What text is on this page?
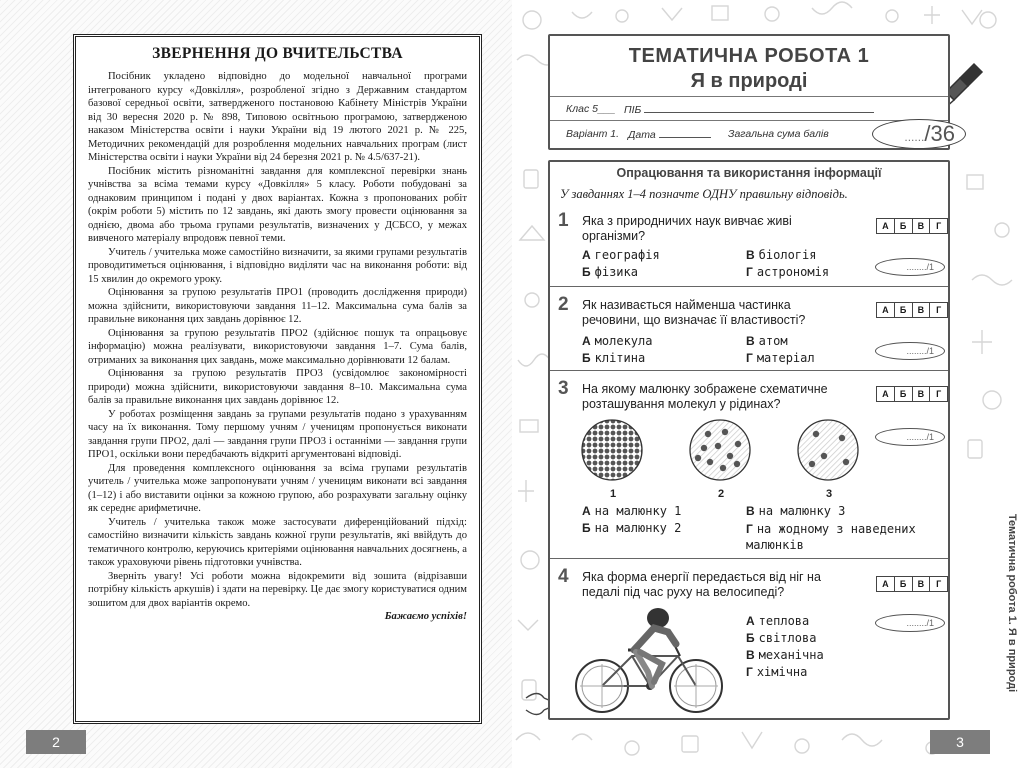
ЗВЕРНЕННЯ ДО ВЧИТЕЛЬСТВА

Посібник укладено відповідно до модельної навчальної програми інтегрованого курсу «Довкілля», розробленої згідно з Державним стандартом базової середньої освіти, затвердженого постановою Кабінету Міністрів України від 30 вересня 2020 р. № 898, Типовою освітньою програмою, затвердженою наказом Міністерства освіти і науки України від 19 лютого 2021 р. № 225, Методичних рекомендацій для розроблення модельних навчальних програм (лист Міністерства освіти і науки України від 24 березня 2021 р. № 4.5/637-21).

Посібник містить різноманітні завдання для комплексної перевірки знань учнівства за всіма темами курсу «Довкілля» 5 класу. Роботи побудовані за однаковим принципом і подані у двох варіантах. Кожна з пропонованих робіт (окрім роботи 5) містить по 12 завдань, які дають змогу провести оцінювання за однією, двома або трьома групами результатів, визначених у ДСБСО, у межах вивченого матеріалу впродовж певної теми.

Учитель / учителька може самостійно визначити, за якими групами результатів проводитиметься оцінювання, і відповідно виділяти час на виконання роботи: від 15 хвилин до окремого уроку.

Оцінювання за групою результатів ПРО1 (проводить дослідження природи) можна здійснити, використовуючи завдання 11–12. Максимальна сума балів за правильне виконання цих завдань дорівнює 12.

Оцінювання за групою результатів ПРО2 (здійснює пошук та опрацьовує інформацію) можна реалізувати, використовуючи завдання 1–7. Сума балів, отриманих за виконання цих завдань, може максимально дорівнювати 12 балам.

Оцінювання за групою результатів ПРО3 (усвідомлює закономірності природи) можна здійснити, використовуючи завдання 8–10. Максимальна сума балів за правильне виконання цих завдань дорівнює 12.

У роботах розміщення завдань за групами результатів подано з урахуванням часу на їх виконання. Тому першому учням / ученицям пропонується виконати завдання групи ПРО2, далі — завдання групи ПРО3 і останніми — завдання групи ПРО1, оскільки вони передбачають відкриті аргументовані відповіді.

Для проведення комплексного оцінювання за всіма групами результатів учитель / учителька може запропонувати учням / ученицям виконати всі завдання (1–12) і або виставити оцінки за кожною групою, або розрахувати загальну оцінку як середнє арифметичне.

Учитель / учителька також може застосувати диференційований підхід: самостійно визначити кількість завдань кожної групи результатів, які ввійдуть до тематичного контролю, керуючись критеріями оцінювання навчальних досягнень, а також ураховуючи рівень підготовки учнівства.

Зверніть увагу! Усі роботи можна відокремити від зошита (відрізавши потрібну кількість аркушів) і здати на перевірку. Це дає змогу користуватися одним зошитом для двох варіантів окремо.

Бажаємо успіхів!
2
ТЕМАТИЧНА РОБОТА 1
Я в природі
Клас 5___ ПІБ
Варіант 1. Дата	Загальна сума балів	....../36
Опрацювання та використання інформації
У завданнях 1–4 позначте ОДНУ правильну відповідь.
1 Яка з природничих наук вивчає живі організми?
А	Б	В	Г
А географія	В біологія
Б фізика	Г астрономія	......../1
2 Як називається найменша частинка речовини, що визначає її властивості?
А	Б	В	Г
А молекула	В атом
Б клітина	Г матеріал	......../1
3 На якому малюнку зображене схематичне розташування молекул у рідинах?
А	Б	В	Г
1	2	3
......../1
А на малюнку 1	В на малюнку 3
Б на малюнку 2	Г на жодному з наведених малюнків
4 Яка форма енергії передається від ніг на педалі під час руху на велосипеді?
А	Б	В	Г
А теплова
Б світлова
В механічна
Г хімічна
......../1	Тематична робота 1. Я в природі
3
